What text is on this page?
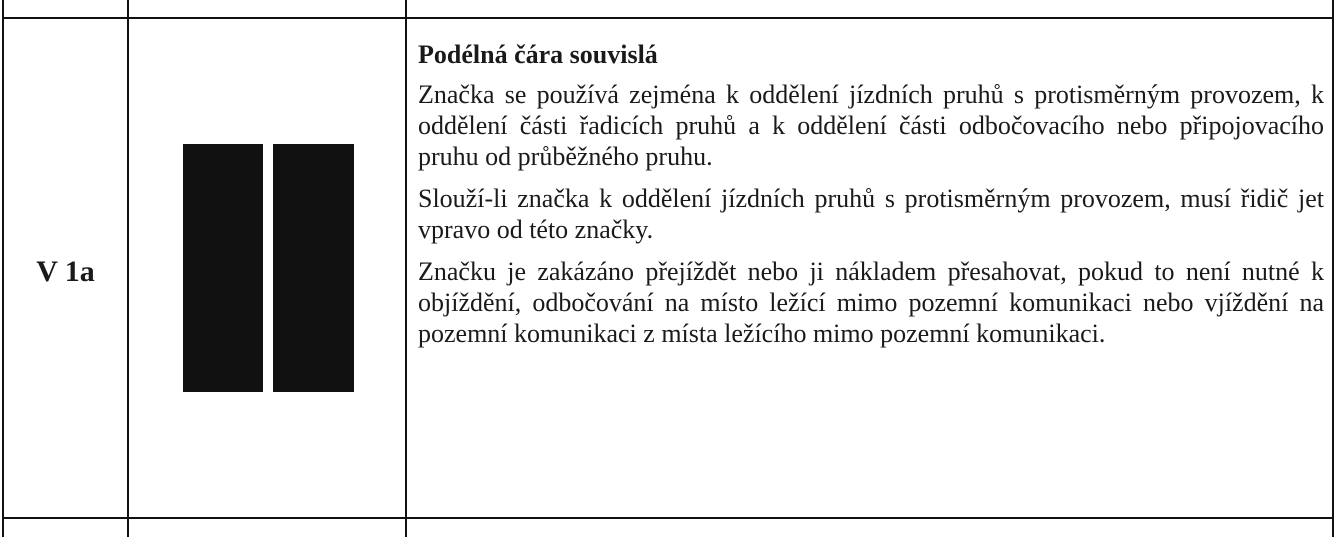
V 1a

Podélná čára souvislá

Značka se používá zejména k oddělení jízdních pruhů s protisměrným provozem, k oddělení části řadicích pruhů a k oddělení části odbočovacího nebo připojovacího pruhu od průběžného pruhu.

Slouží-li značka k oddělení jízdních pruhů s protisměrným provozem, musí řidič jet vpravo od této značky.

Značku je zakázáno přejíždět nebo ji nákladem přesahovat, pokud to není nutné k objíždění, odbočování na místo ležící mimo pozemní komunikaci nebo vjíždění na pozemní komunikaci z místa ležícího mimo pozemní komunikaci.
